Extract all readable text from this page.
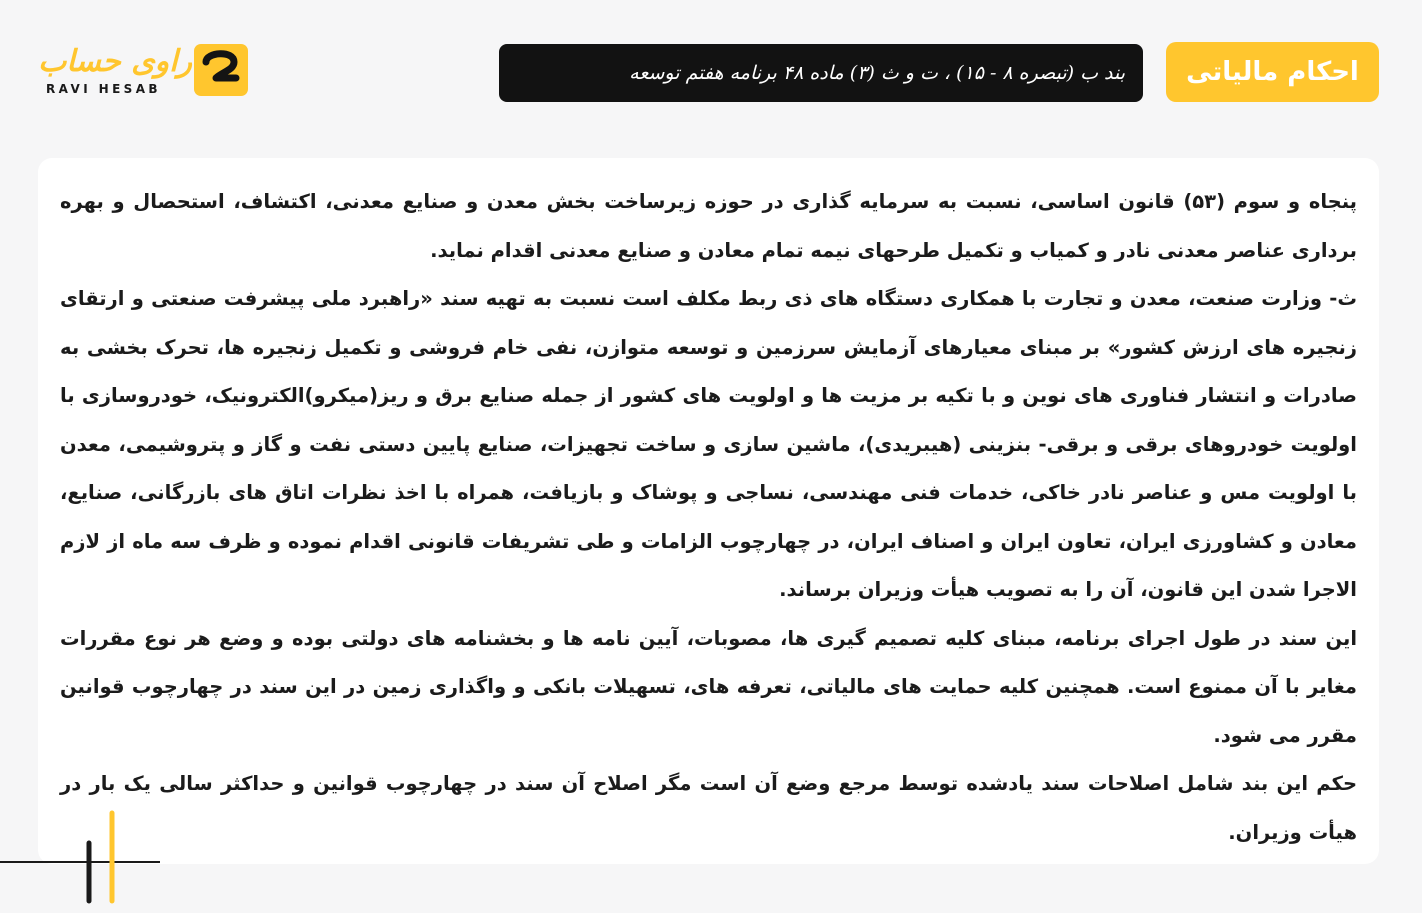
احکام مالیاتی
بند ب (تبصره ۸ - ۱۵) ، ت و ث (۳) ماده ۴۸ برنامه هفتم توسعه
راوی حساب
RAVI HESAB

پنجاه و سوم (۵۳) قانون اساسی، نسبت به سرمایه گذاری در حوزه زیرساخت بخش معدن و صنایع معدنی، اکتشاف، استحصال و بهره برداری عناصر معدنی نادر و کمیاب و تکمیل طرحهای نیمه تمام معادن و صنایع معدنی اقدام نماید.

ث- وزارت صنعت، معدن و تجارت با همکاری دستگاه های ذی ربط مکلف است نسبت به تهیه سند «راهبرد ملی پیشرفت صنعتی و ارتقای زنجیره های ارزش کشور» بر مبنای معیارهای آزمایش سرزمین و توسعه متوازن، نفی خام فروشی و تکمیل زنجیره ها، تحرک بخشی به صادرات و انتشار فناوری های نوین و با تکیه بر مزیت ها و اولویت های کشور از جمله صنایع برق و ریز(میکرو)الکترونیک، خودروسازی با اولویت خودروهای برقی و برقی- بنزینی (هیبریدی)، ماشین سازی و ساخت تجهیزات، صنایع پایین دستی نفت و گاز و پتروشیمی، معدن با اولویت مس و عناصر نادر خاکی، خدمات فنی مهندسی، نساجی و پوشاک و بازیافت، همراه با اخذ نظرات اتاق های بازرگانی، صنایع، معادن و کشاورزی ایران، تعاون ایران و اصناف ایران، در چهارچوب الزامات و طی تشریفات قانونی اقدام نموده و ظرف سه ماه از لازم الاجرا شدن این قانون، آن را به تصویب هیأت وزیران برساند.

این سند در طول اجرای برنامه، مبنای کلیه تصمیم گیری ها، مصوبات، آیین نامه ها و بخشنامه های دولتی بوده و وضع هر نوع مقررات مغایر با آن ممنوع است. همچنین کلیه حمایت های مالیاتی، تعرفه های، تسهیلات بانکی و واگذاری زمین در این سند در چهارچوب قوانین مقرر می شود.

حکم این بند شامل اصلاحات سند یادشده توسط مرجع وضع آن است مگر اصلاح آن سند در چهارچوب قوانین و حداکثر سالی یک بار در هیأت وزیران.
